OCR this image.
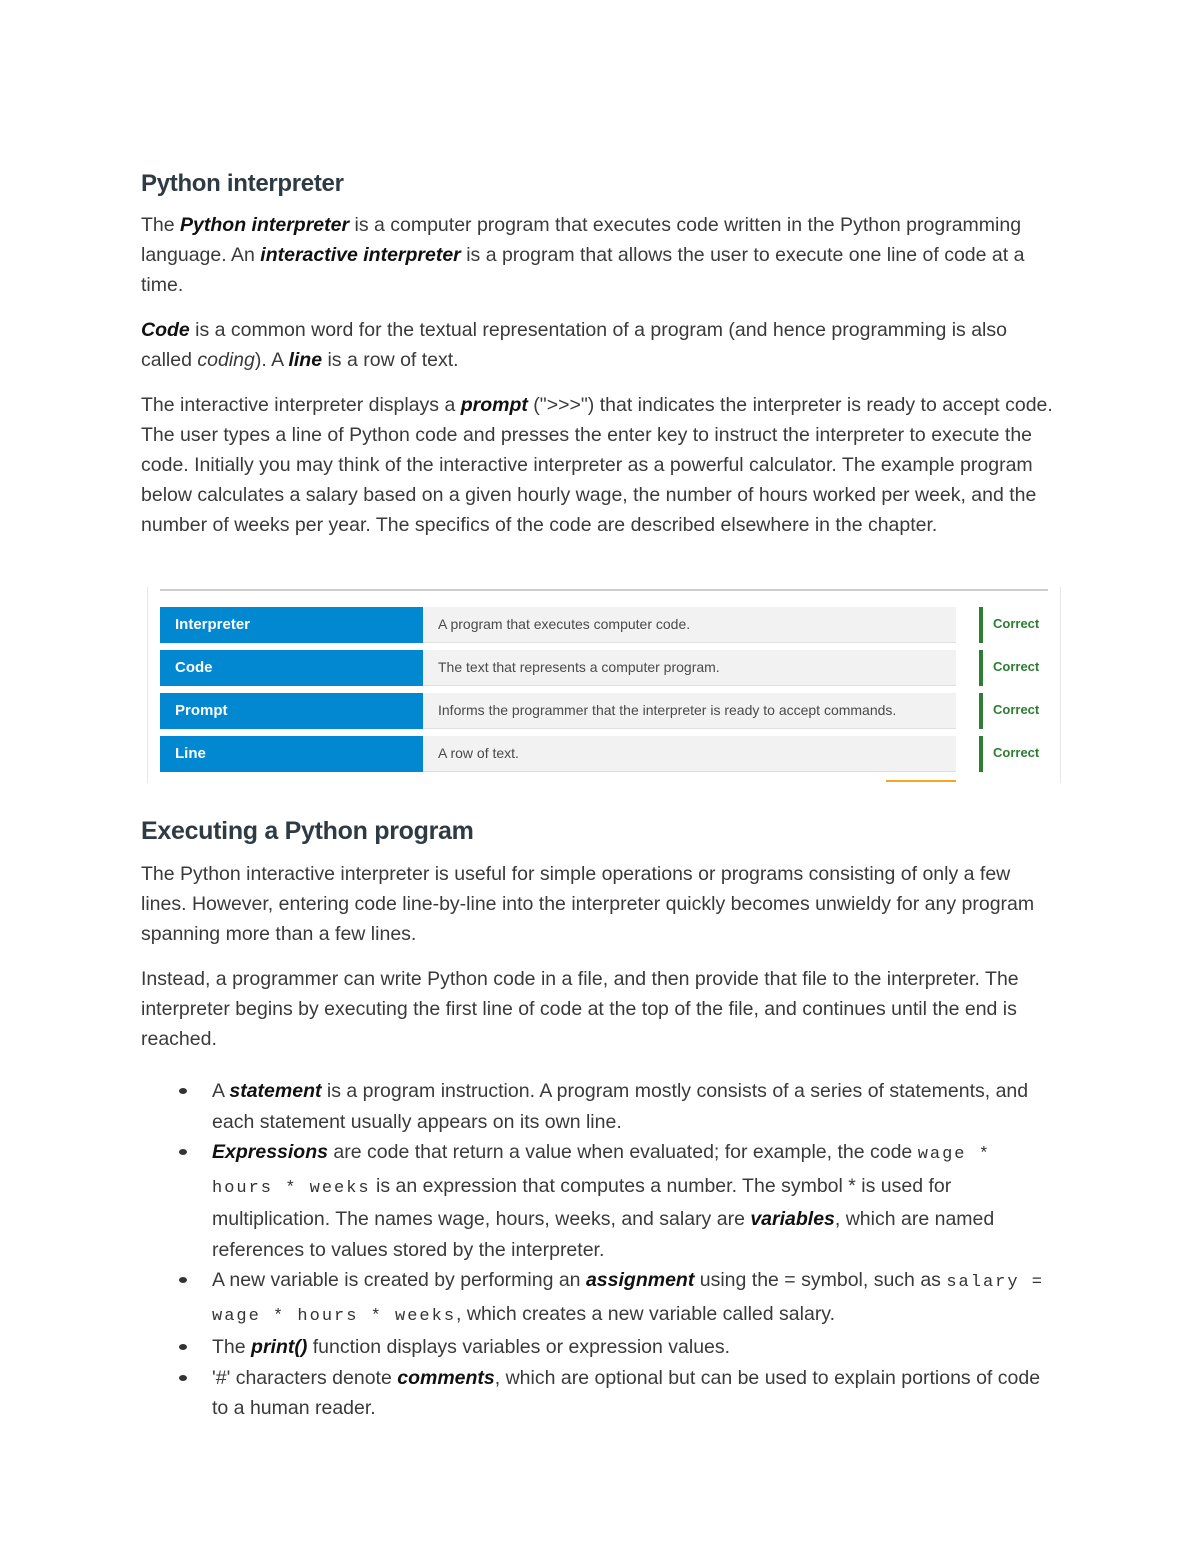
Python interpreter

The Python interpreter is a computer program that executes code written in the Python programming language. An interactive interpreter is a program that allows the user to execute one line of code at a time.

Code is a common word for the textual representation of a program (and hence programming is also called coding). A line is a row of text.

The interactive interpreter displays a prompt (">>>") that indicates the interpreter is ready to accept code. The user types a line of Python code and presses the enter key to instruct the interpreter to execute the code. Initially you may think of the interactive interpreter as a powerful calculator. The example program below calculates a salary based on a given hourly wage, the number of hours worked per week, and the number of weeks per year. The specifics of the code are described elsewhere in the chapter.

Executing a Python program

The Python interactive interpreter is useful for simple operations or programs consisting of only a few lines. However, entering code line-by-line into the interpreter quickly becomes unwieldy for any program spanning more than a few lines.

Instead, a programmer can write Python code in a file, and then provide that file to the interpreter. The interpreter begins by executing the first line of code at the top of the file, and continues until the end is reached.

Interpreter	A program that executes computer code.	Correct
Code	The text that represents a computer program.	Correct
Prompt	Informs the programmer that the interpreter is ready to accept commands.	Correct
Line	A row of text.	Correct
A statement is a program instruction. A program mostly consists of a series of statements, and each statement usually appears on its own line.
Expressions are code that return a value when evaluated; for example, the code wage * hours * weeks is an expression that computes a number. The symbol * is used for multiplication. The names wage, hours, weeks, and salary are variables, which are named references to values stored by the interpreter.
A new variable is created by performing an assignment using the = symbol, such as salary = wage * hours * weeks, which creates a new variable called salary.
The print() function displays variables or expression values.
'#' characters denote comments, which are optional but can be used to explain portions of code to a human reader.
